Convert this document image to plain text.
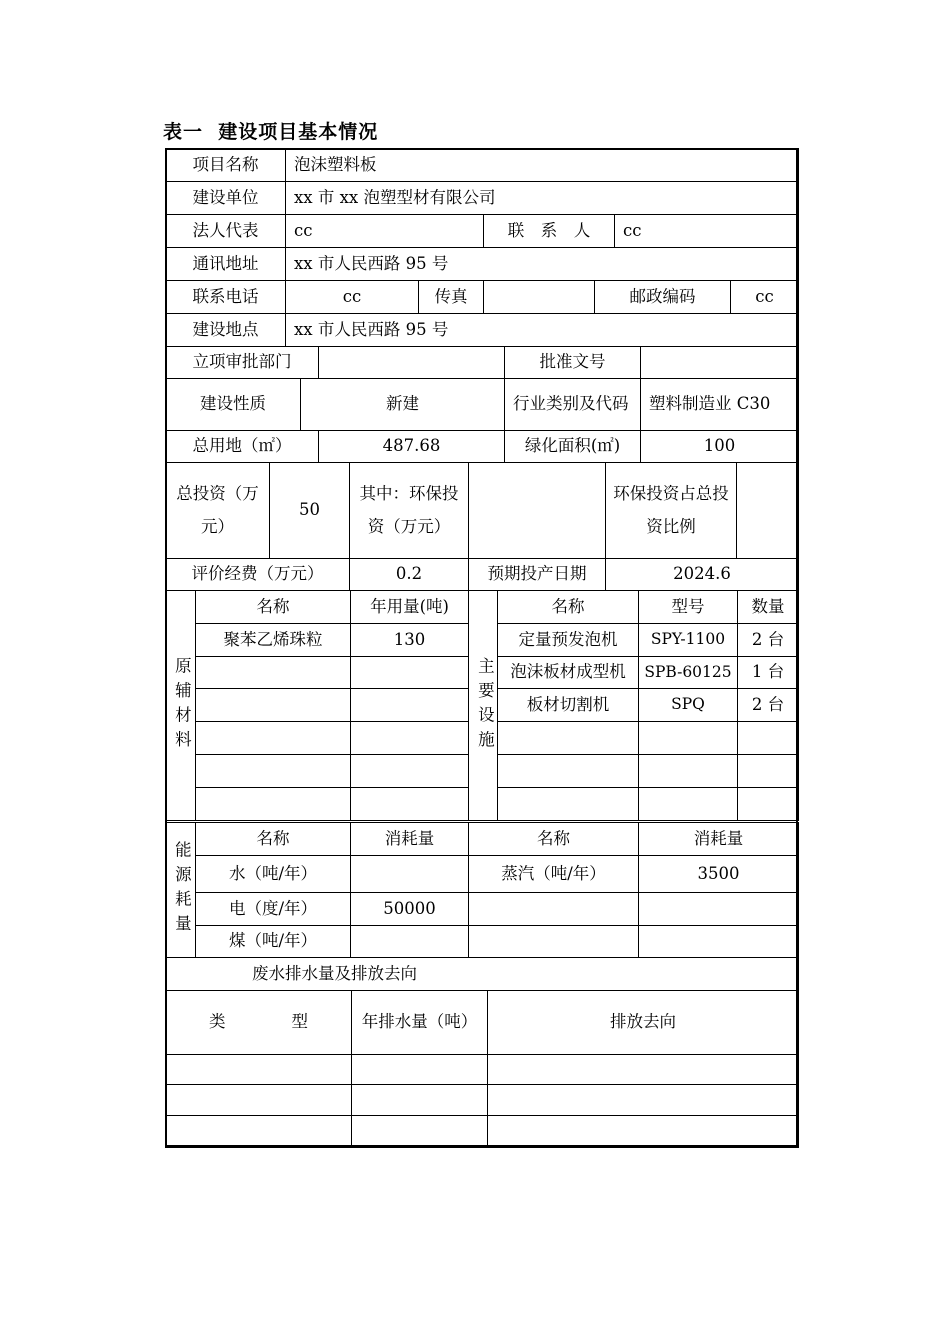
表一  建设项目基本情况
项目名称	泡沫塑料板					
建设单位	xx 市 xx 泡塑型材有限公司					
法人代表	cc		联　系　人		cc	
通讯地址	xx 市人民西路 95 号					
联系电话	cc	传真		邮政编码		cc
建设地点	xx 市人民西路 95 号					
立项审批部门			批准文号	
建设性质	新建		行业类别及代码	塑料制造业 C30
总用地（㎡）		487.68	绿化面积(㎡)	100
总投资（万元）	50	其中：环保投资（万元）		环保投资占总投资比例	
评价经费（万元）		0.2	预期投产日期	2024.6	
原辅材料	名称	年用量(吨)	主要设施	名称	型号	数量
	聚苯乙烯珠粒	130		定量预发泡机	SPY-1100	2 台
				泡沫板材成型机	SPB-60125	1 台
				板材切割机	SPQ	2 台

能源耗量	名称	消耗量	名称	消耗量
	水（吨/年）		蒸汽（吨/年）	3500
	电（度/年）	50000		
	煤（吨/年）			
废水排水量及排放去向		
类　　　　型	年排水量（吨）	排放去向
